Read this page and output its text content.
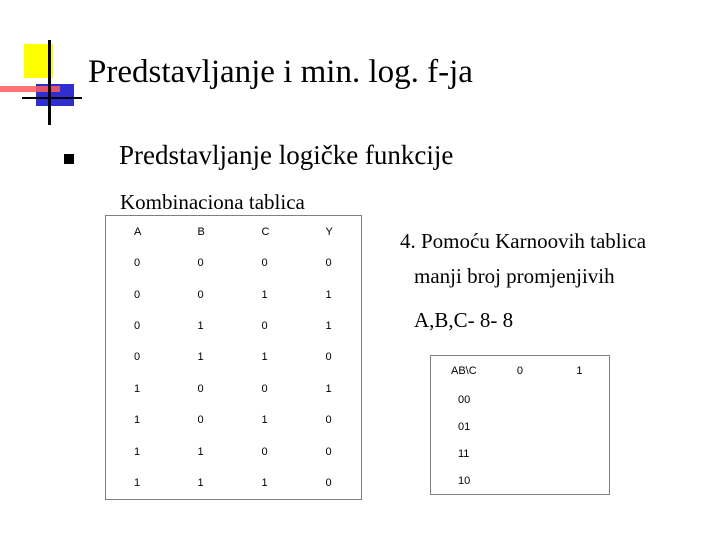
Predstavljanje i min. log. f-ja
Predstavljanje logičke funkcije
Kombinaciona tablica
A	B	C	Y
0	0	0	0
0	0	1	1
0	1	0	1
0	1	1	0
1	0	0	1
1	0	1	0
1	1	0	0
1	1	1	0
4. Pomoću Karnoovih tablica
manji broj promjenjivih
A,B,C- 8- 8
AB\C	0	1
00		
01		
11		
10		
